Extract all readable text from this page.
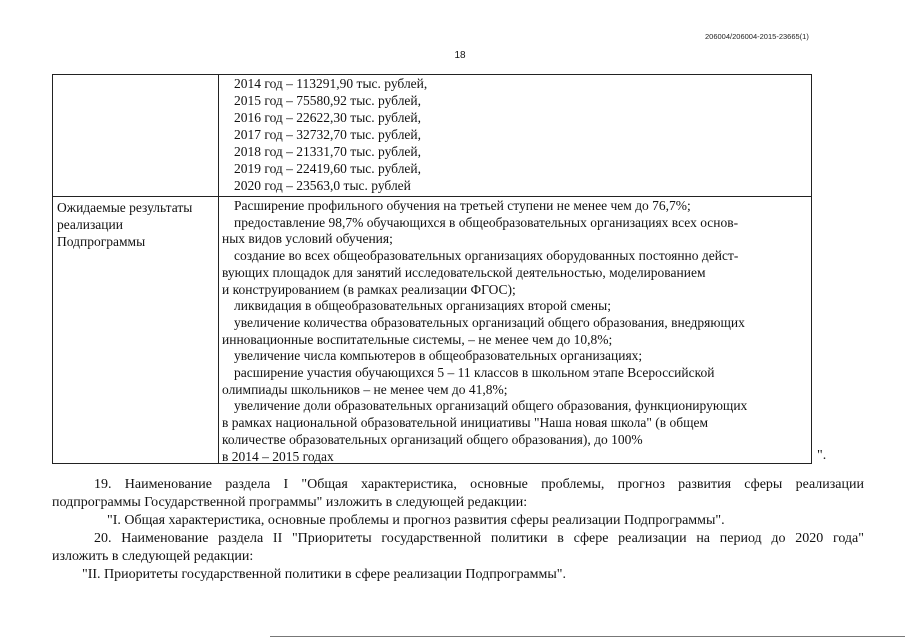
206004/206004-2015-23665(1)
18
2014 год – 113291,90 тыс. рублей,
2015 год – 75580,92 тыс. рублей,
2016 год – 22622,30 тыс. рублей,
2017 год – 32732,70 тыс. рублей,
2018 год – 21331,70 тыс. рублей,
2019 год – 22419,60 тыс. рублей,
2020 год – 23563,0 тыс. рублей
Ожидаемые результаты
реализации
Подпрограммы
Расширение профильного обучения на третьей ступени не менее чем до 76,7%;
предоставление 98,7% обучающихся в общеобразовательных организациях всех основ-
ных видов условий обучения;
создание во всех общеобразовательных организациях оборудованных постоянно дейст-
вующих площадок для занятий исследовательской деятельностью, моделированием
и конструированием (в рамках реализации ФГОС);
ликвидация в общеобразовательных организациях второй смены;
увеличение количества образовательных организаций общего образования, внедряющих
инновационные воспитательные системы, – не менее чем до 10,8%;
увеличение числа компьютеров в общеобразовательных организациях;
расширение участия обучающихся 5 – 11 классов в школьном этапе Всероссийской
олимпиады школьников – не менее чем до 41,8%;
увеличение доли образовательных организаций общего образования, функционирующих
в рамках национальной образовательной инициативы "Наша новая школа" (в общем
количестве образовательных организаций общего образования), до 100%
в 2014 – 2015 годах	".
19. Наименование раздела I "Общая характеристика, основные проблемы, прогноз развития сферы реализации
подпрограммы Государственной программы" изложить в следующей редакции:
"I. Общая характеристика, основные проблемы и прогноз развития сферы реализации Подпрограммы".
20. Наименование раздела II "Приоритеты государственной политики в сфере реализации на период до 2020 года"
изложить в следующей редакции:
"II. Приоритеты государственной политики в сфере реализации Подпрограммы".
